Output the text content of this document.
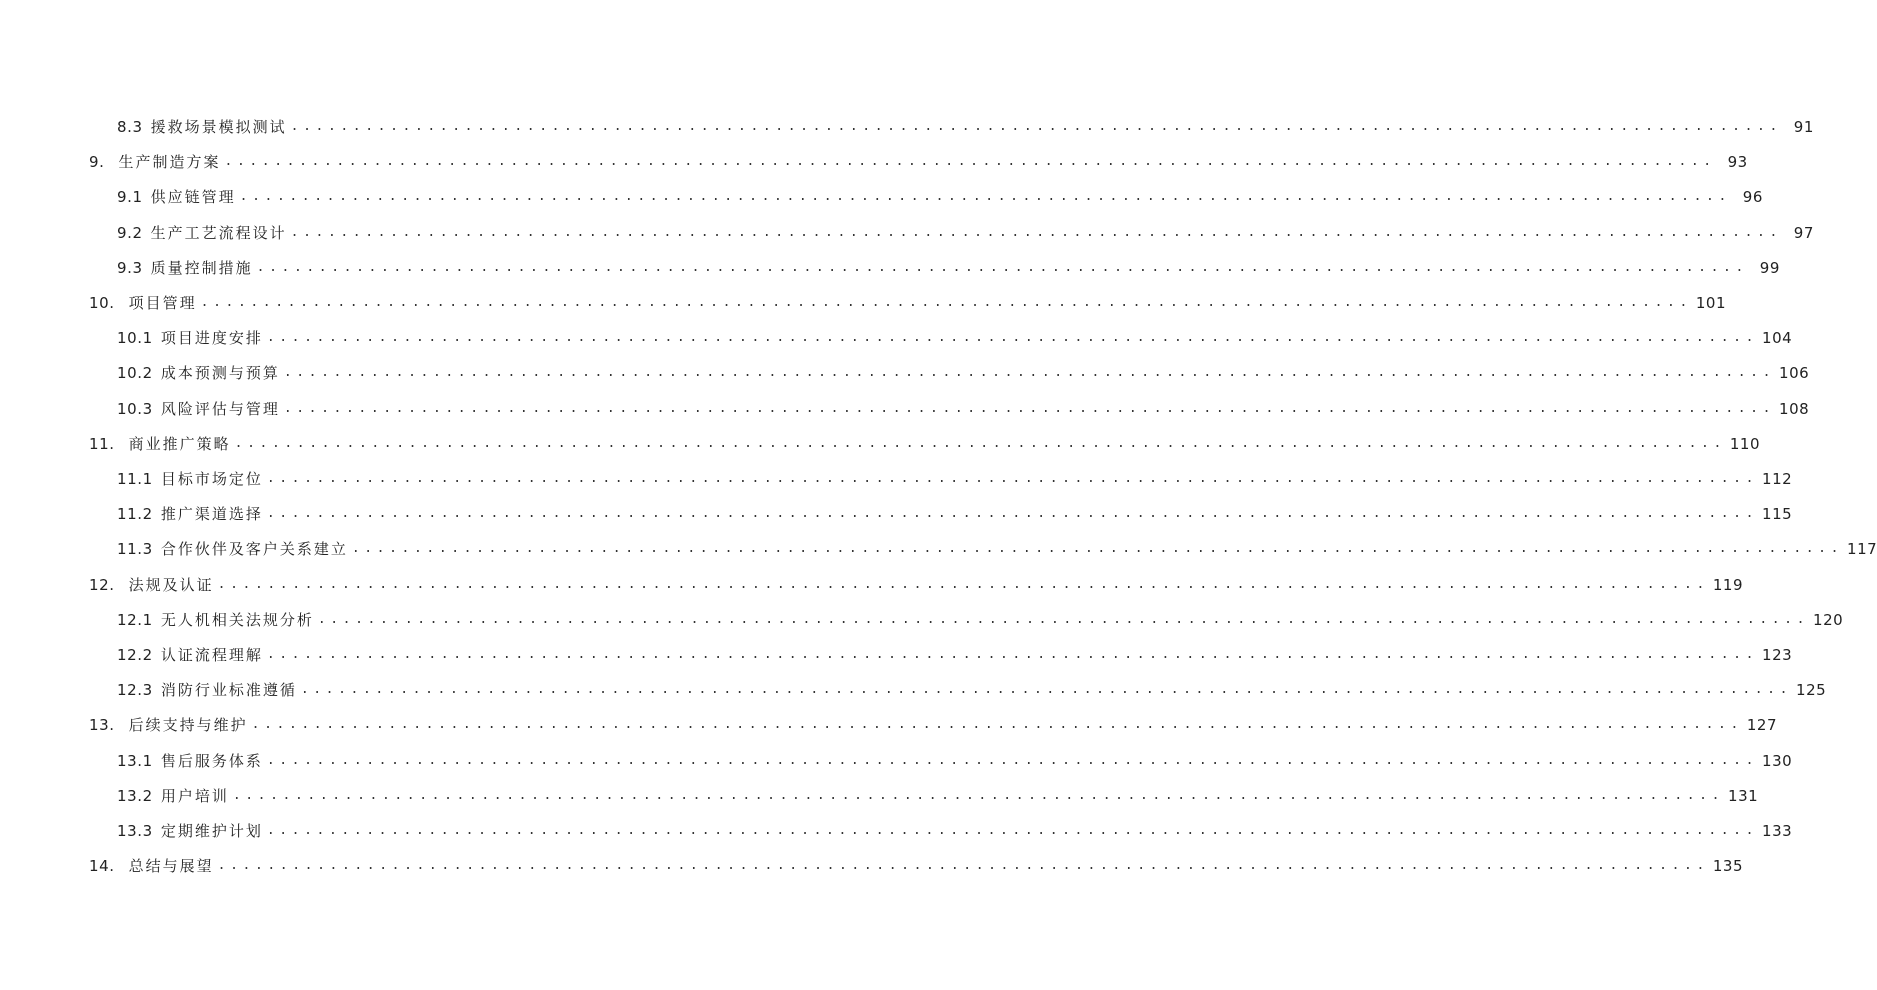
8.3 援救场景模拟测试 ........................................................................................................................ 91
9. 生产制造方案 ........................................................................................................................ 93
9.1 供应链管理 ........................................................................................................................ 96
9.2 生产工艺流程设计 ........................................................................................................................ 97
9.3 质量控制措施 ........................................................................................................................ 99
10. 项目管理 ........................................................................................................................ 101
10.1 项目进度安排 ........................................................................................................................ 104
10.2 成本预测与预算 ........................................................................................................................ 106
10.3 风险评估与管理 ........................................................................................................................ 108
11. 商业推广策略 ........................................................................................................................ 110
11.1 目标市场定位 ........................................................................................................................ 112
11.2 推广渠道选择 ........................................................................................................................ 115
11.3 合作伙伴及客户关系建立 ........................................................................................................................ 117
12. 法规及认证 ........................................................................................................................ 119
12.1 无人机相关法规分析 ........................................................................................................................ 120
12.2 认证流程理解 ........................................................................................................................ 123
12.3 消防行业标准遵循 ........................................................................................................................ 125
13. 后续支持与维护 ........................................................................................................................ 127
13.1 售后服务体系 ........................................................................................................................ 130
13.2 用户培训 ........................................................................................................................ 131
13.3 定期维护计划 ........................................................................................................................ 133
14. 总结与展望 ........................................................................................................................ 135
